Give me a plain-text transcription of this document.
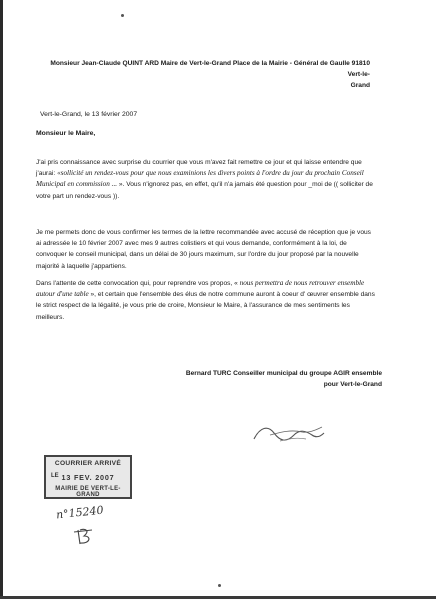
Monsieur Jean-Claude QUINT ARD Maire de Vert-le-Grand Place de la Mairie - Général de Gaulle 91810 Vert-le-
Grand
Vert-le-Grand, le 13 février 2007
Monsieur le Maire,
J'ai pris connaissance avec surprise du courrier que vous m'avez fait remettre ce jour et qui laisse entendre que j'aurai: «sollicité un rendez-vous pour que nous examinions les divers points à l'ordre du jour du prochain Conseil Municipal en commission ... ». Vous n'ignorez pas, en effet, qu'il n'a jamais été question pour _moi de (( solliciter de votre part un rendez-vous )).
Je me permets donc de vous confirmer les termes de la lettre recommandée avec accusé de réception que je vous ai adressée le 10 février 2007 avec mes 9 autres colistiers et qui vous demande, conformément à la loi, de convoquer le conseil municipal, dans un délai de 30 jours maximum, sur l'ordre du jour proposé par la nouvelle majorité à laquelle j'appartiens.
Dans l'attente de cette convocation qui, pour reprendre vos propos, « nous permettra de nous retrouver ensemble autour d'une table », et certain que l'ensemble des élus de notre commune auront à coeur d' œuvrer ensemble dans le strict respect de la légalité, je vous prie de croire, Monsieur le Maire, à l'assurance de mes sentiments les meilleurs.
Bernard TURC Conseiller municipal du groupe AGIR ensemble
pour Vert-le-Grand
COURRIER ARRIVÉ
LE 13 FEV. 2007
MAIRIE DE VERT-LE-GRAND
n°15240
